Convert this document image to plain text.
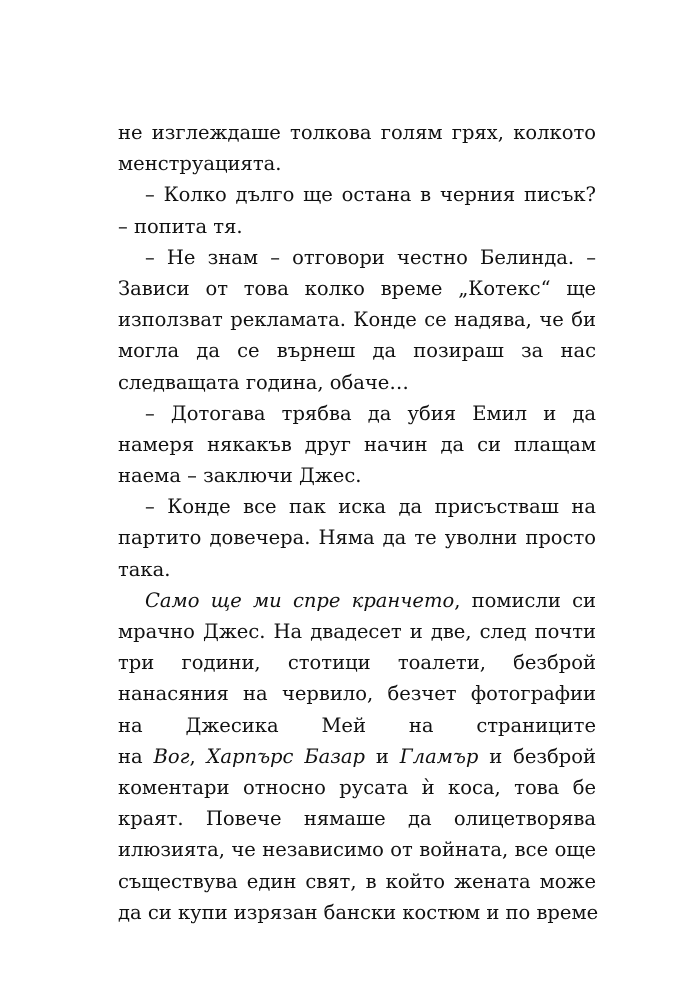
не изглеждаше толкова голям грях, колкото
менструацията.
– Колко дълго ще остана в черния писък?
– попита тя.
– Не знам – отговори честно Белинда. –
Зависи от това колко време „Котекс“ ще
използват рекламата. Конде се надява, че би
могла да се върнеш да позираш за нас
следващата година, обаче…
– Дотогава трябва да убия Емил и да
намеря някакъв друг начин да си плащам
наема – заключи Джес.
– Конде все пак иска да присъстваш на
партито довечера. Няма да те уволни просто
така.
Само ще ми спре кранчето, помисли си
мрачно Джес. На двадесет и две, след почти
три години, стотици тоалети, безброй
нанасяния на червило, безчет фотографии
на Джесика Мей на страниците
на Вог, Харпърс Базар и Гламър и безброй
коментари относно русата ѝ коса, това бе
краят. Повече нямаше да олицетворява
илюзията, че независимо от войната, все още
съществува един свят, в който жената може
да си купи изрязан бански костюм и по време
